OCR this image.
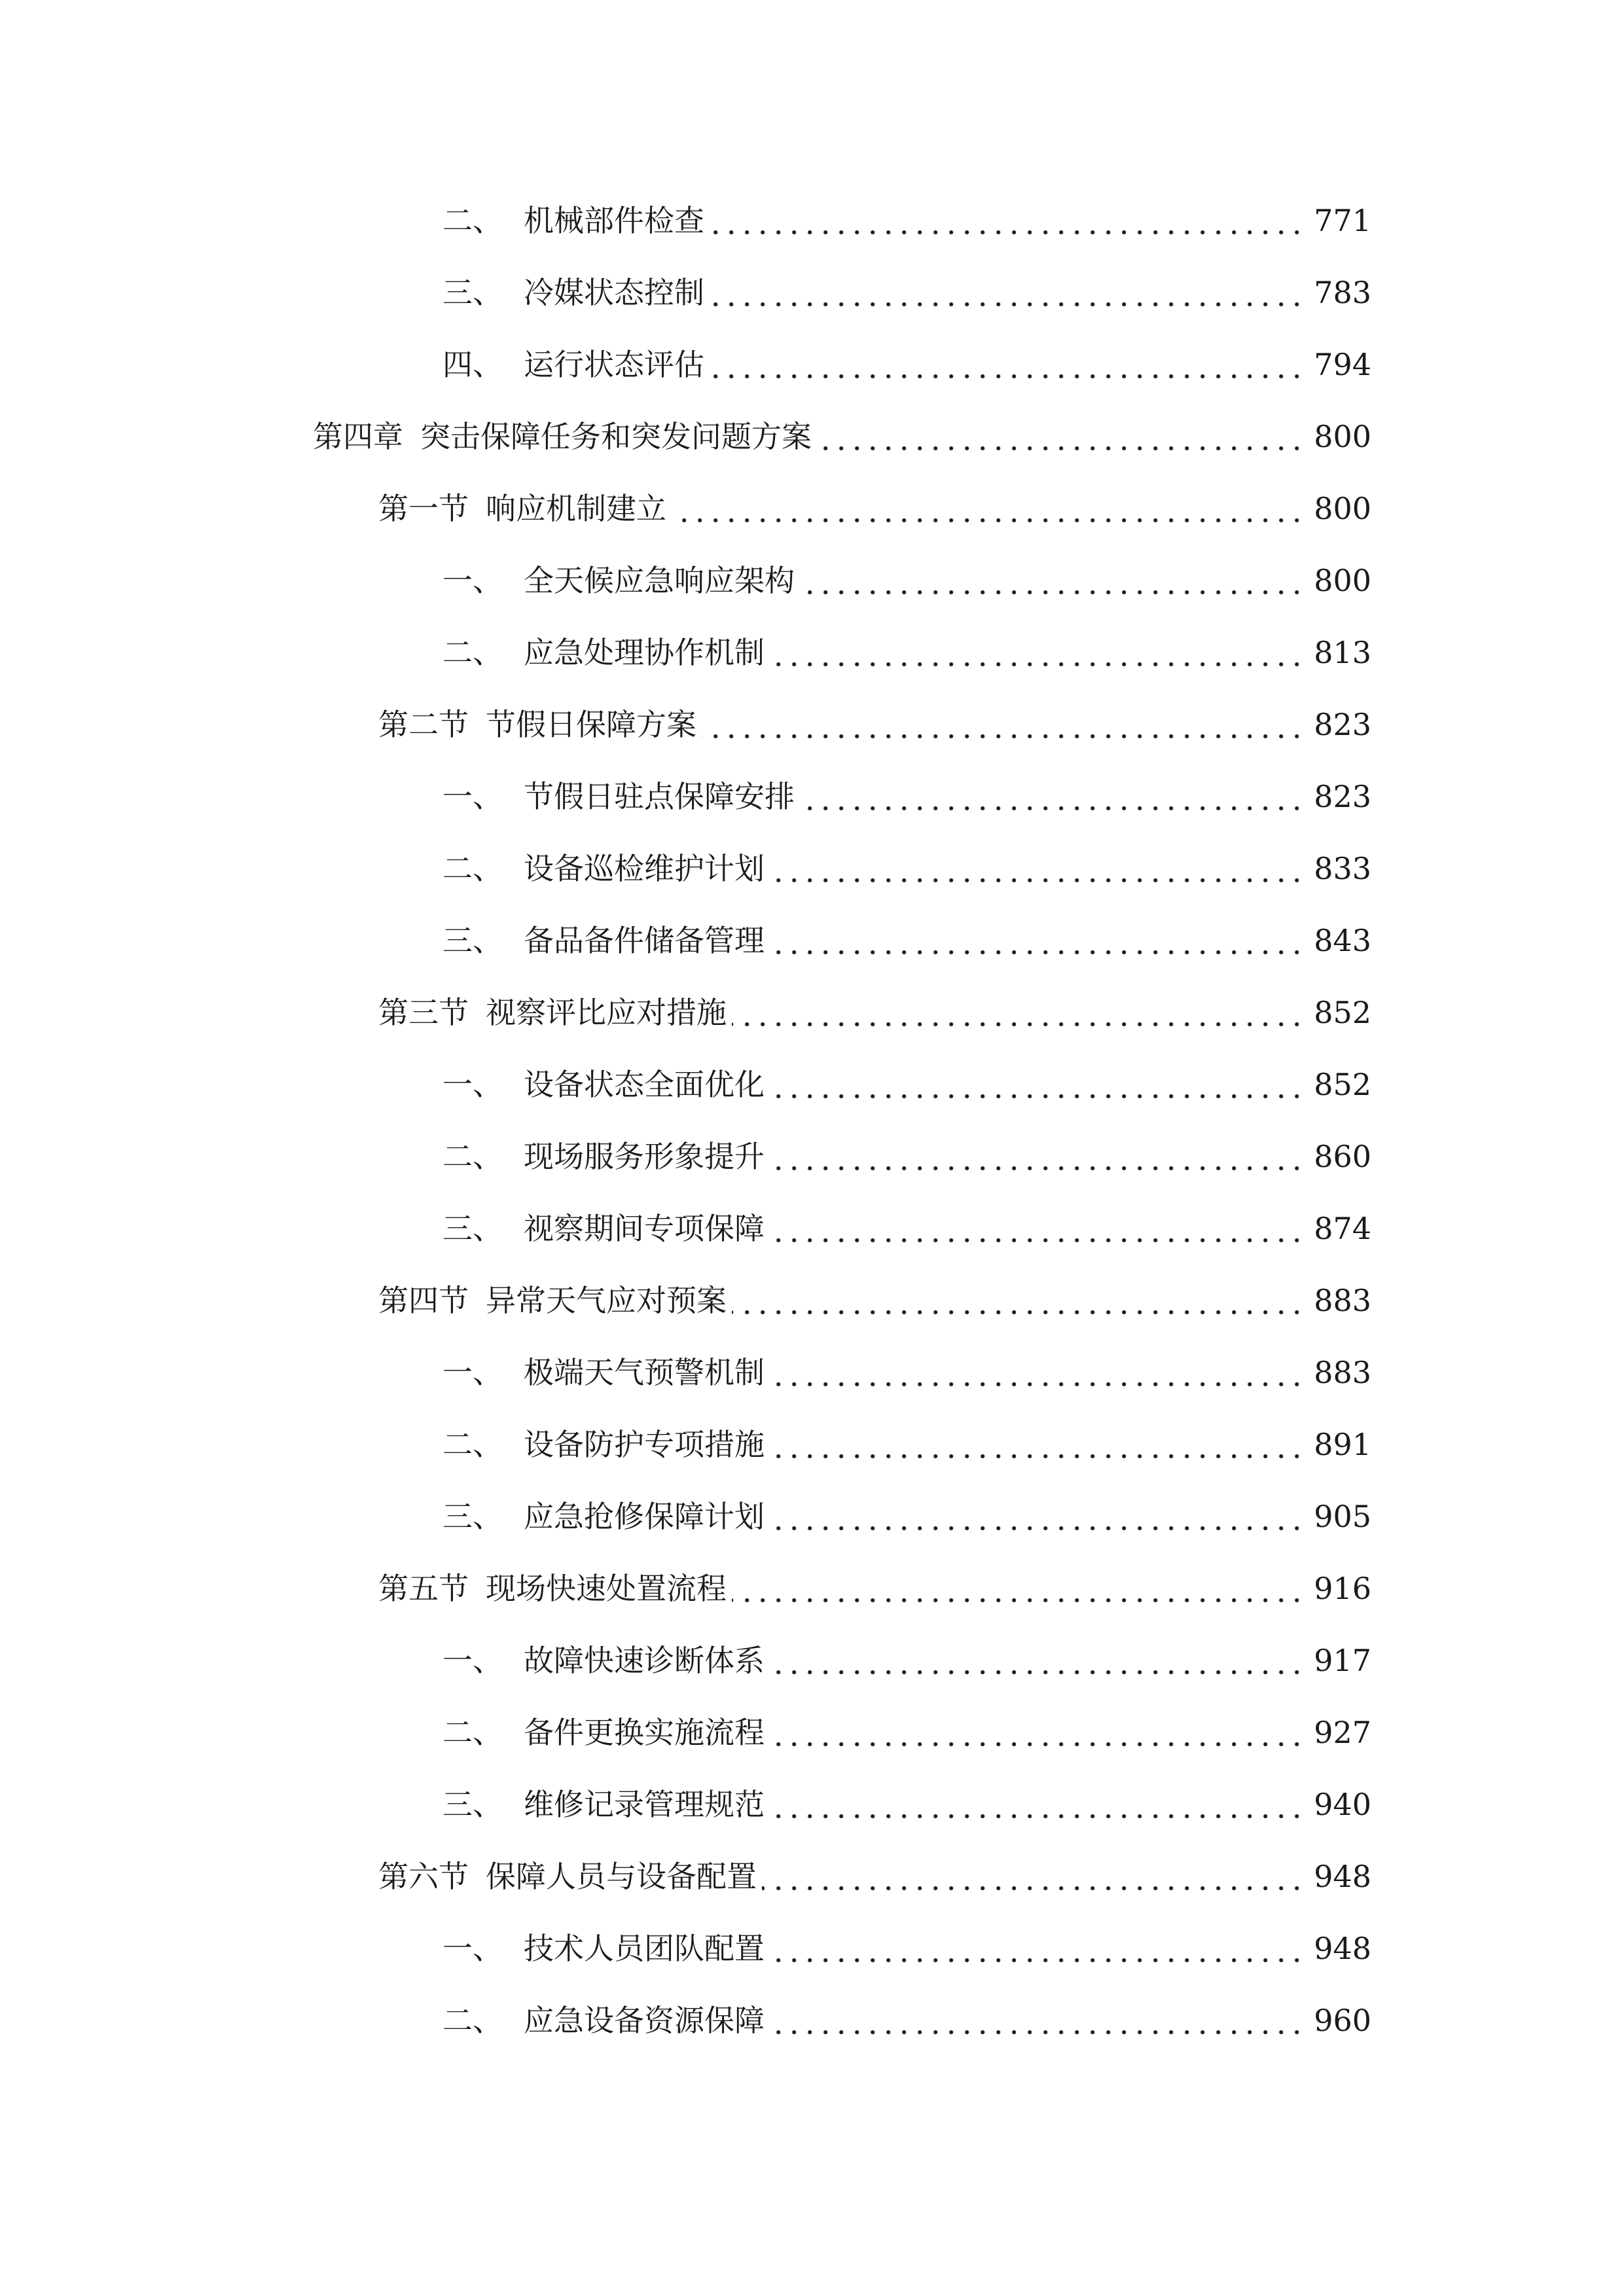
二、 机械部件检查	771
三、 冷媒状态控制	783
四、 运行状态评估	794
第四章 突击保障任务和突发问题方案	800
第一节 响应机制建立	800
一、 全天候应急响应架构	800
二、 应急处理协作机制	813
第二节 节假日保障方案	823
一、 节假日驻点保障安排	823
二、 设备巡检维护计划	833
三、 备品备件储备管理	843
第三节 视察评比应对措施	852
一、 设备状态全面优化	852
二、 现场服务形象提升	860
三、 视察期间专项保障	874
第四节 异常天气应对预案	883
一、 极端天气预警机制	883
二、 设备防护专项措施	891
三、 应急抢修保障计划	905
第五节 现场快速处置流程	916
一、 故障快速诊断体系	917
二、 备件更换实施流程	927
三、 维修记录管理规范	940
第六节 保障人员与设备配置	948
一、 技术人员团队配置	948
二、 应急设备资源保障	960
